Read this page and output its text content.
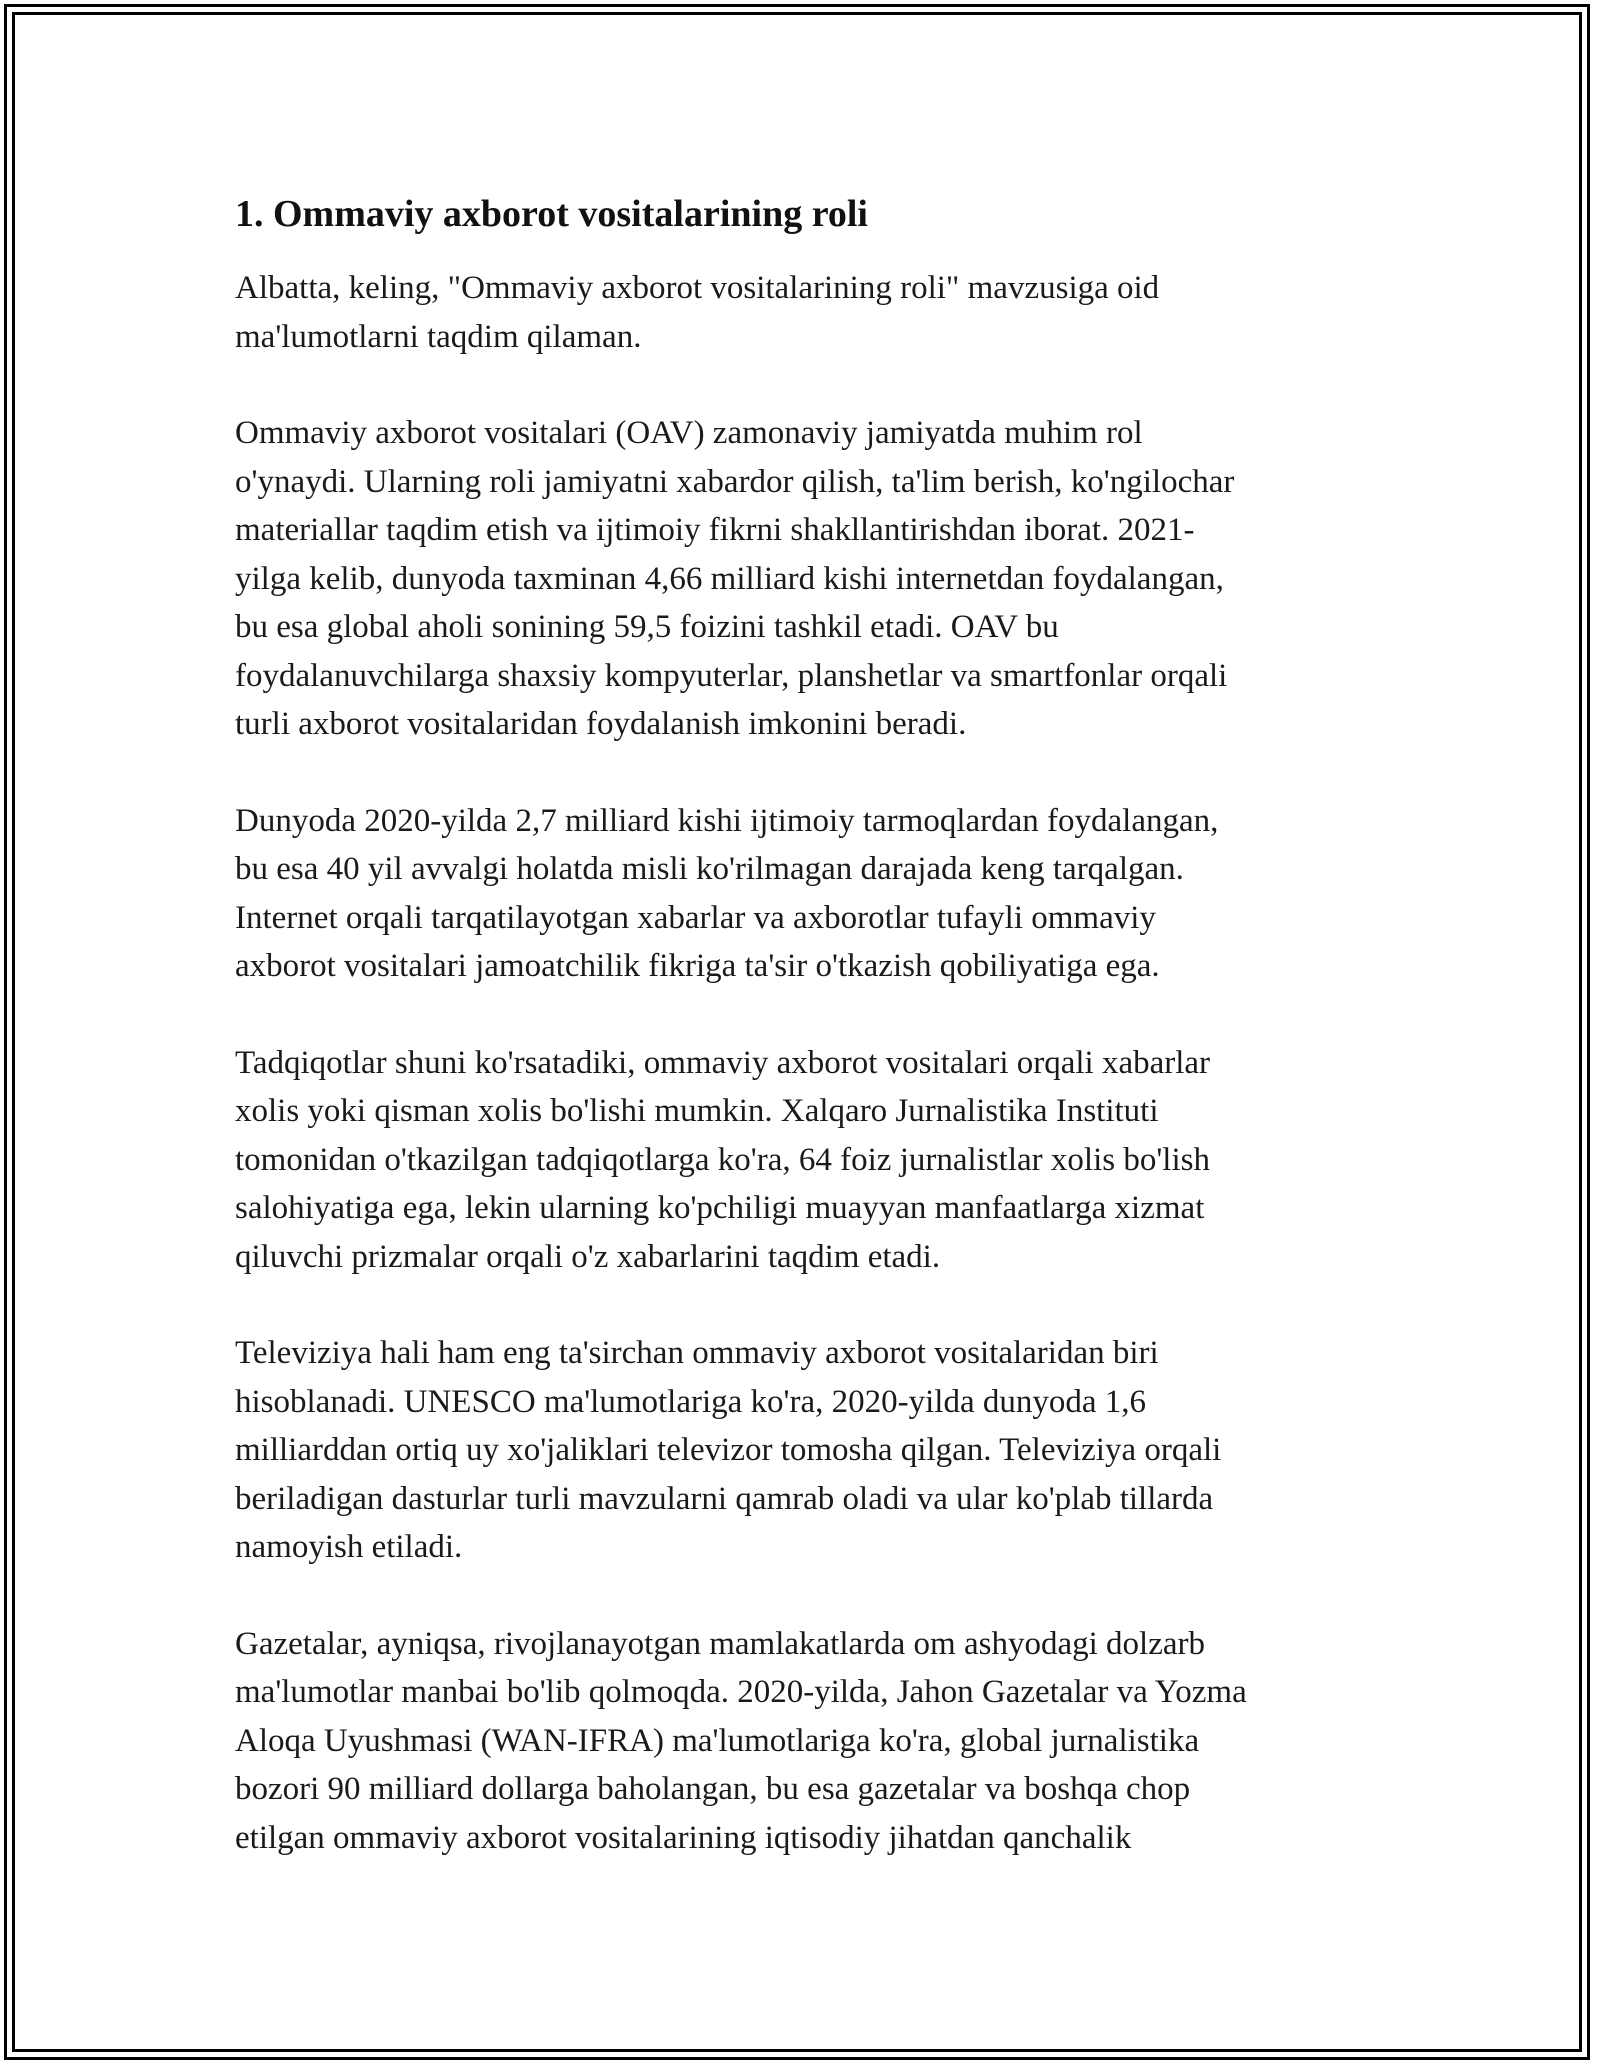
1. Ommaviy axborot vositalarining roli

Albatta, keling, "Ommaviy axborot vositalarining roli" mavzusiga oid
ma'lumotlarni taqdim qilaman.

Ommaviy axborot vositalari (OAV) zamonaviy jamiyatda muhim rol
o'ynaydi. Ularning roli jamiyatni xabardor qilish, ta'lim berish, ko'ngilochar
materiallar taqdim etish va ijtimoiy fikrni shakllantirishdan iborat. 2021-
yilga kelib, dunyoda taxminan 4,66 milliard kishi internetdan foydalangan,
bu esa global aholi sonining 59,5 foizini tashkil etadi. OAV bu
foydalanuvchilarga shaxsiy kompyuterlar, planshetlar va smartfonlar orqali
turli axborot vositalaridan foydalanish imkonini beradi.

Dunyoda 2020-yilda 2,7 milliard kishi ijtimoiy tarmoqlardan foydalangan,
bu esa 40 yil avvalgi holatda misli ko'rilmagan darajada keng tarqalgan.
Internet orqali tarqatilayotgan xabarlar va axborotlar tufayli ommaviy
axborot vositalari jamoatchilik fikriga ta'sir o'tkazish qobiliyatiga ega.

Tadqiqotlar shuni ko'rsatadiki, ommaviy axborot vositalari orqali xabarlar
xolis yoki qisman xolis bo'lishi mumkin. Xalqaro Jurnalistika Instituti
tomonidan o'tkazilgan tadqiqotlarga ko'ra, 64 foiz jurnalistlar xolis bo'lish
salohiyatiga ega, lekin ularning ko'pchiligi muayyan manfaatlarga xizmat
qiluvchi prizmalar orqali o'z xabarlarini taqdim etadi.

Televiziya hali ham eng ta'sirchan ommaviy axborot vositalaridan biri
hisoblanadi. UNESCO ma'lumotlariga ko'ra, 2020-yilda dunyoda 1,6
milliarddan ortiq uy xo'jaliklari televizor tomosha qilgan. Televiziya orqali
beriladigan dasturlar turli mavzularni qamrab oladi va ular ko'plab tillarda
namoyish etiladi.

Gazetalar, ayniqsa, rivojlanayotgan mamlakatlarda om ashyodagi dolzarb
ma'lumotlar manbai bo'lib qolmoqda. 2020-yilda, Jahon Gazetalar va Yozma
Aloqa Uyushmasi (WAN-IFRA) ma'lumotlariga ko'ra, global jurnalistika
bozori 90 milliard dollarga baholangan, bu esa gazetalar va boshqa chop
etilgan ommaviy axborot vositalarining iqtisodiy jihatdan qanchalik
